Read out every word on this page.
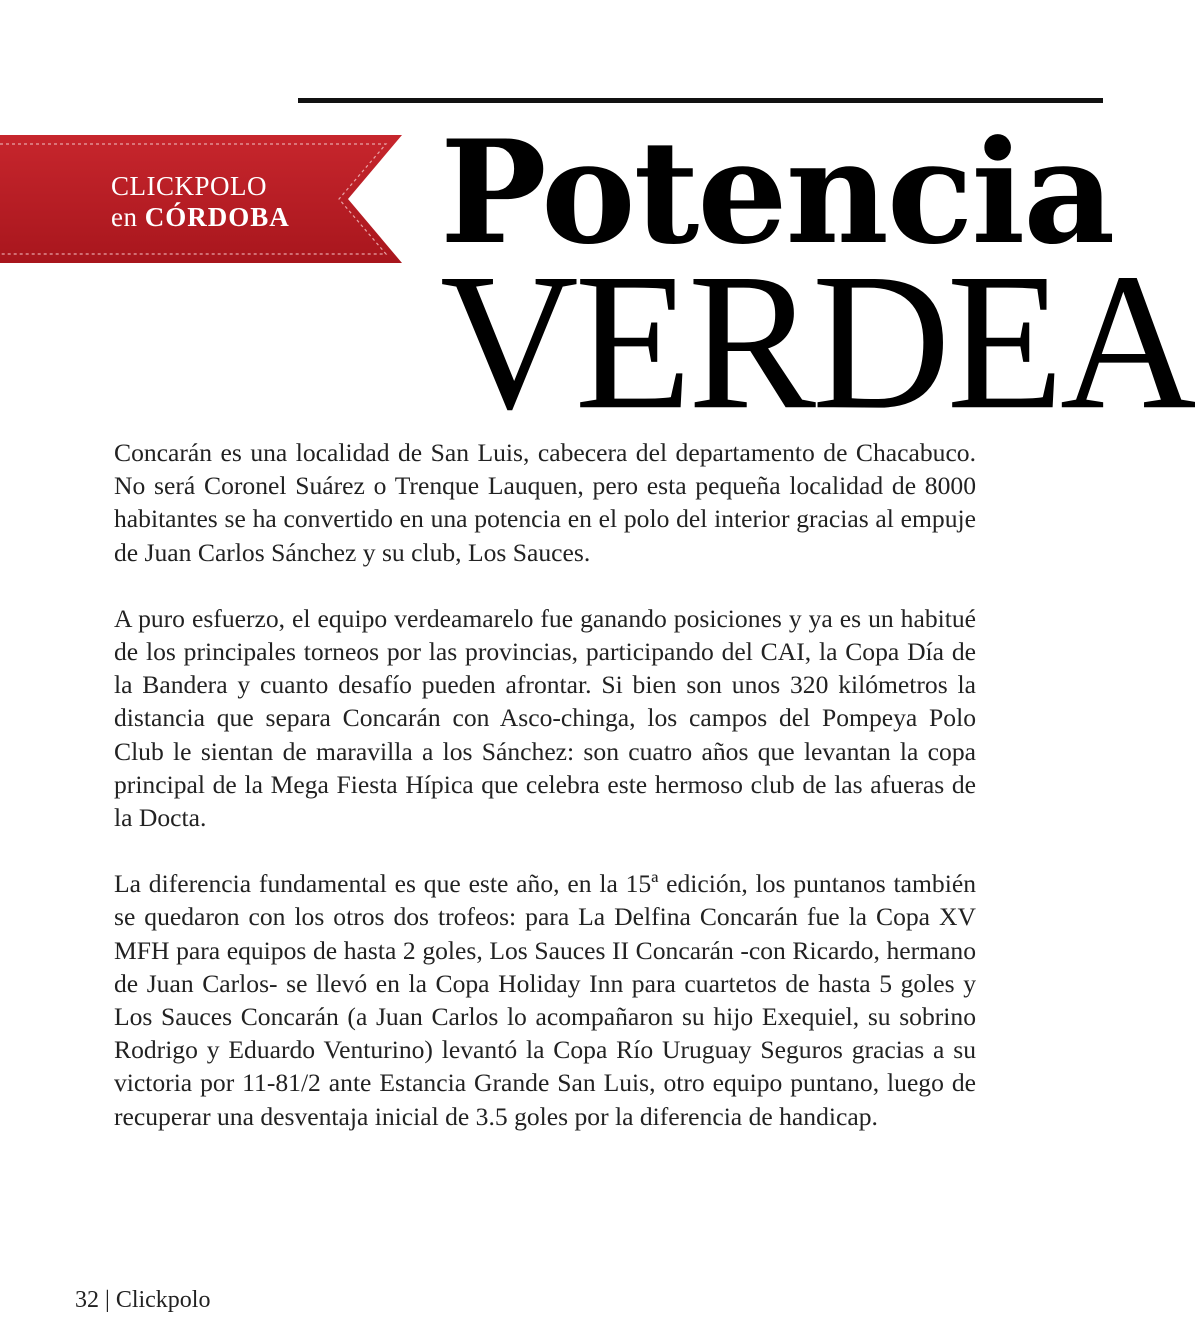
CLICKPOLO
en CÓRDOBA Potencia
VERDEA

Concarán es una localidad de San Luis, cabecera del departamento de Chacabuco. No será Coronel Suárez o Trenque Lauquen, pero esta pequeña localidad de 8000 habitantes se ha convertido en una potencia en el polo del interior gracias al empuje de Juan Carlos Sánchez y su club, Los Sauces.

A puro esfuerzo, el equipo verdeamarelo fue ganando posiciones y ya es un habitué de los principales torneos por las provincias, participando del CAI, la Copa Día de la Bandera y cuanto desafío pueden afrontar. Si bien son unos 320 kilómetros la distancia que separa Concarán con Asco-chinga, los campos del Pompeya Polo Club le sientan de maravilla a los Sánchez: son cuatro años que levantan la copa principal de la Mega Fiesta Hípica que celebra este hermoso club de las afueras de la Docta.

La diferencia fundamental es que este año, en la 15ª edición, los puntanos también se quedaron con los otros dos trofeos: para La Delfina Concarán fue la Copa XV MFH para equipos de hasta 2 goles, Los Sauces II Concarán -con Ricardo, hermano de Juan Carlos- se llevó en la Copa Holiday Inn para cuartetos de hasta 5 goles y Los Sauces Concarán (a Juan Carlos lo acompañaron su hijo Exequiel, su sobrino Rodrigo y Eduardo Venturino) levantó la Copa Río Uruguay Seguros gracias a su victoria por 11-81/2 ante Estancia Grande San Luis, otro equipo puntano, luego de recuperar una desventaja inicial de 3.5 goles por la diferencia de handicap.

32 | Clickpolo
